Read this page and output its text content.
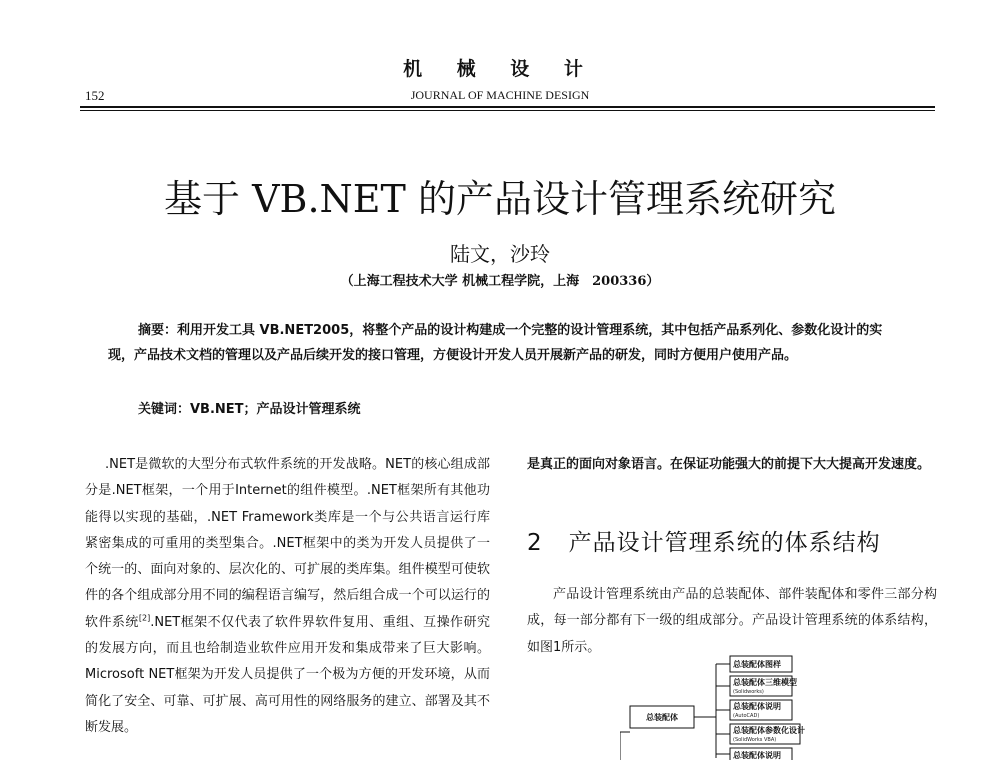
机 械 设 计
152	JOURNAL OF MACHINE DESIGN
基于 VB.NET 的产品设计管理系统研究
陆文，沙玲
（上海工程技术大学 机械工程学院，上海　200336）
摘要：利用开发工具 VB.NET2005，将整个产品的设计构建成一个完整的设计管理系统，其中包括产品系列化、参数化设计的实现，产品技术文档的管理以及产品后续开发的接口管理，方便设计开发人员开展新产品的研发，同时方便用户使用产品。
关键词：VB.NET；产品设计管理系统
.NET是微软的大型分布式软件系统的开发战略。NET的核心组成部分是.NET框架，一个用于Internet的组件模型。.NET框架所有其他功能得以实现的基础，.NET Framework类库是一个与公共语言运行库紧密集成的可重用的类型集合。.NET框架中的类为开发人员提供了一个统一的、面向对象的、层次化的、可扩展的类库集。组件模型可使软件的各个组成部分用不同的编程语言编写，然后组合成一个可以运行的软件系统[2].NET框架不仅代表了软件界软件复用、重组、互操作研究的发展方向，而且也给制造业软件应用开发和集成带来了巨大影响。Microsoft NET框架为开发人员提供了一个极为方便的开发环境，从而简化了安全、可靠、可扩展、高可用性的网络服务的建立、部署及其不断发展。
是真正的面向对象语言。在保证功能强大的前提下大大提高开发速度。
2 产品设计管理系统的体系结构
产品设计管理系统由产品的总装配体、部件装配体和零件三部分构成，每一部分都有下一级的组成部分。产品设计管理系统的体系结构，如图1所示。
总装配体
总装配体图样
总装配体三维模型
(Solidworks)
总装配体说明
(AutoCAD)
总装配体参数化设计
(SolidWorks VBA)
总装配体说明
